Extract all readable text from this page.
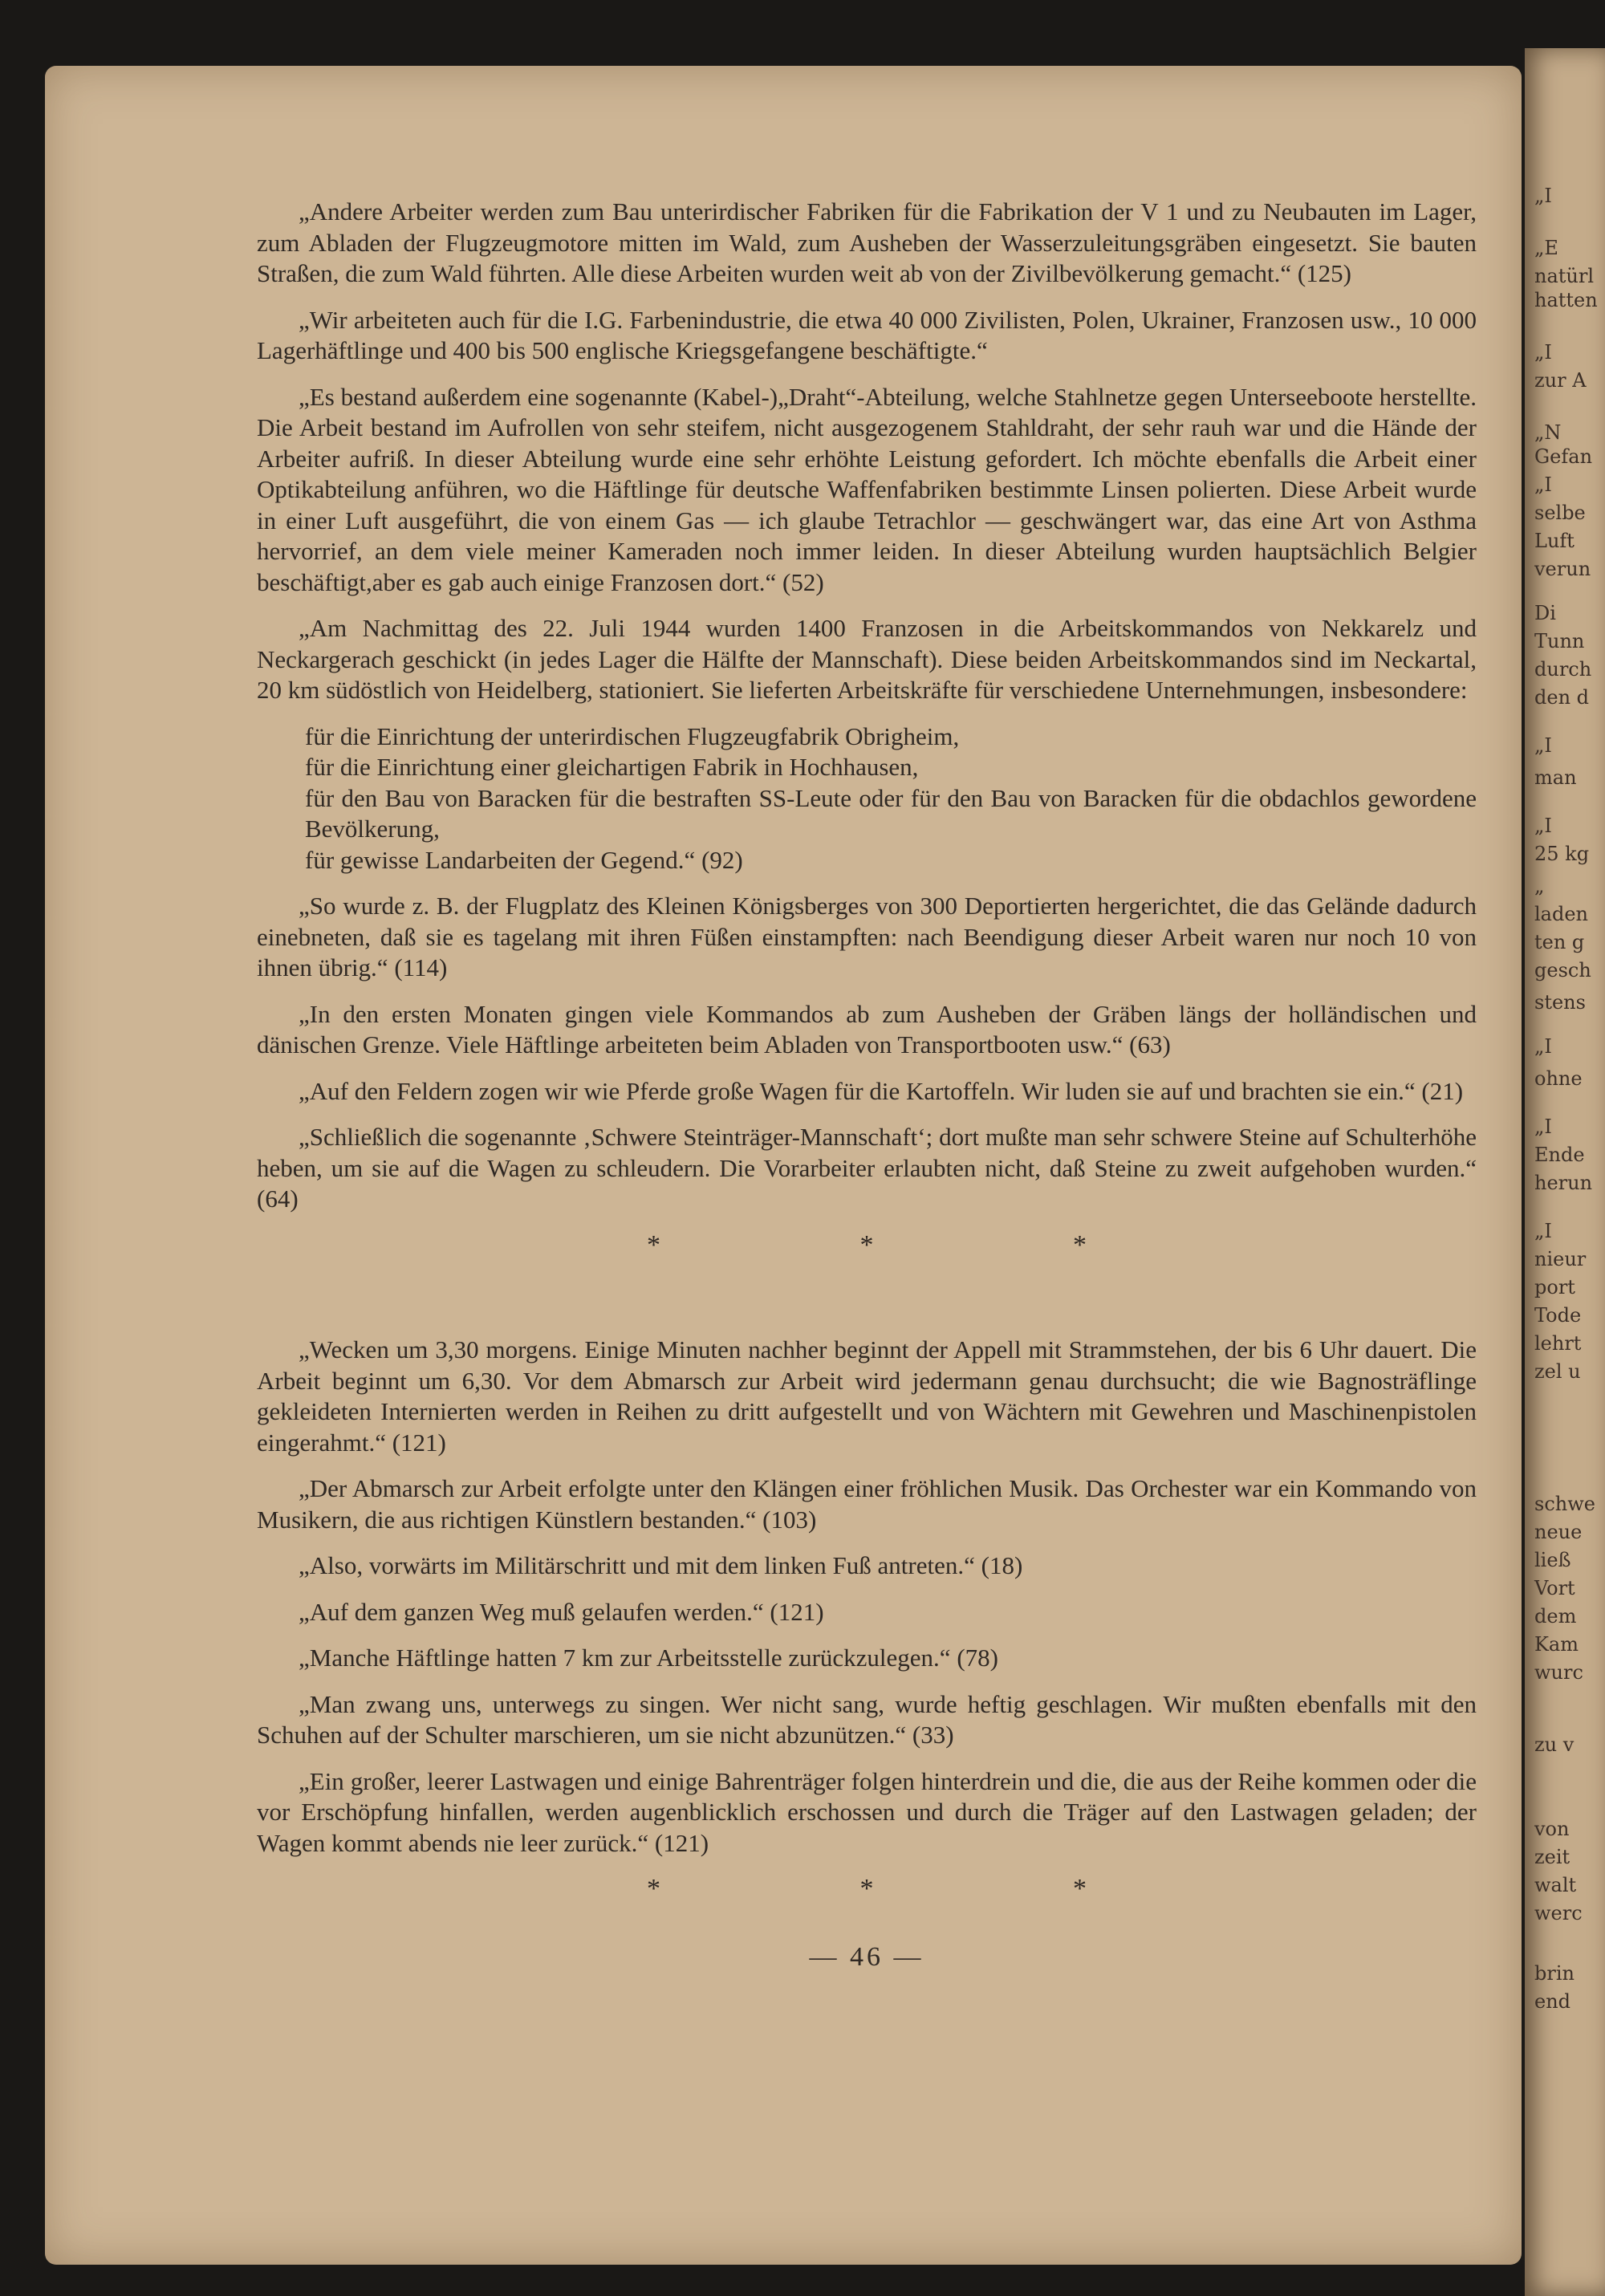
„I
„E
natürl
hatten
„I
zur A
„N
Gefan
„I
selbe
Luft
verun
Di
Tunn
durch
den d
„I
man
„I
25 kg
„
laden
ten g
gesch
stens
„I
ohne
„I
Ende
herun
„I
nieur
port
Tode
lehrt
zel u
schwe
neue
ließ
Vort
dem
Kam
wurc
zu v
von
zeit
walt
werc
brin
end

„Andere Arbeiter werden zum Bau unterirdischer Fabriken für die Fabrikation der V 1 und zu Neubauten im Lager, zum Abladen der Flugzeugmotore mitten im Wald, zum Ausheben der Wasserzuleitungsgräben eingesetzt. Sie bauten Straßen, die zum Wald führten. Alle diese Arbeiten wurden weit ab von der Zivilbevölkerung gemacht.“ (125)

„Wir arbeiteten auch für die I.G. Farbenindustrie, die etwa 40 000 Zivilisten, Polen, Ukrainer, Franzosen usw., 10 000 Lagerhäftlinge und 400 bis 500 englische Kriegsgefangene beschäftigte.“

„Es bestand außerdem eine sogenannte (Kabel-)„Draht“-Abteilung, welche Stahlnetze gegen Unterseeboote herstellte. Die Arbeit bestand im Aufrollen von sehr steifem, nicht ausgezogenem Stahldraht, der sehr rauh war und die Hände der Arbeiter aufriß. In dieser Abteilung wurde eine sehr erhöhte Leistung gefordert. Ich möchte ebenfalls die Arbeit einer Optikabteilung anführen, wo die Häftlinge für deutsche Waffenfabriken bestimmte Linsen polierten. Diese Arbeit wurde in einer Luft ausgeführt, die von einem Gas — ich glaube Tetrachlor — geschwängert war, das eine Art von Asthma hervorrief, an dem viele meiner Kameraden noch immer leiden. In dieser Abteilung wurden hauptsächlich Belgier beschäftigt,aber es gab auch einige Franzosen dort.“ (52)

„Am Nachmittag des 22. Juli 1944 wurden 1400 Franzosen in die Arbeitskommandos von Nekkarelz und Neckargerach geschickt (in jedes Lager die Hälfte der Mannschaft). Diese beiden Arbeitskommandos sind im Neckartal, 20 km südöstlich von Heidelberg, stationiert. Sie lieferten Arbeitskräfte für verschiedene Unternehmungen, insbesondere:

für die Einrichtung der unterirdischen Flugzeugfabrik Obrigheim,
für die Einrichtung einer gleichartigen Fabrik in Hochhausen,
für den Bau von Baracken für die bestraften SS-Leute oder für den Bau von Baracken für die obdachlos gewordene Bevölkerung,
für gewisse Landarbeiten der Gegend.“ (92)

„So wurde z. B. der Flugplatz des Kleinen Königsberges von 300 Deportierten hergerichtet, die das Gelände dadurch einebneten, daß sie es tagelang mit ihren Füßen einstampften: nach Beendigung dieser Arbeit waren nur noch 10 von ihnen übrig.“ (114)

„In den ersten Monaten gingen viele Kommandos ab zum Ausheben der Gräben längs der holländischen und dänischen Grenze. Viele Häftlinge arbeiteten beim Abladen von Transportbooten usw.“ (63)

„Auf den Feldern zogen wir wie Pferde große Wagen für die Kartoffeln. Wir luden sie auf und brachten sie ein.“ (21)

„Schließlich die sogenannte ‚Schwere Steinträger-Mannschaft‘; dort mußte man sehr schwere Steine auf Schulterhöhe heben, um sie auf die Wagen zu schleudern. Die Vorarbeiter erlaubten nicht, daß Steine zu zweit aufgehoben wurden.“ (64)

* * *

„Wecken um 3,30 morgens. Einige Minuten nachher beginnt der Appell mit Strammstehen, der bis 6 Uhr dauert. Die Arbeit beginnt um 6,30. Vor dem Abmarsch zur Arbeit wird jedermann genau durchsucht; die wie Bagnosträflinge gekleideten Internierten werden in Reihen zu dritt aufgestellt und von Wächtern mit Gewehren und Maschinenpistolen eingerahmt.“ (121)

„Der Abmarsch zur Arbeit erfolgte unter den Klängen einer fröhlichen Musik. Das Orchester war ein Kommando von Musikern, die aus richtigen Künstlern bestanden.“ (103)

„Also, vorwärts im Militärschritt und mit dem linken Fuß antreten.“ (18)

„Auf dem ganzen Weg muß gelaufen werden.“ (121)

„Manche Häftlinge hatten 7 km zur Arbeitsstelle zurückzulegen.“ (78)

„Man zwang uns, unterwegs zu singen. Wer nicht sang, wurde heftig geschlagen. Wir mußten ebenfalls mit den Schuhen auf der Schulter marschieren, um sie nicht abzunützen.“ (33)

„Ein großer, leerer Lastwagen und einige Bahrenträger folgen hinterdrein und die, die aus der Reihe kommen oder die vor Erschöpfung hinfallen, werden augenblicklich erschossen und durch die Träger auf den Lastwagen geladen; der Wagen kommt abends nie leer zurück.“ (121)

* * *

— 46 —
